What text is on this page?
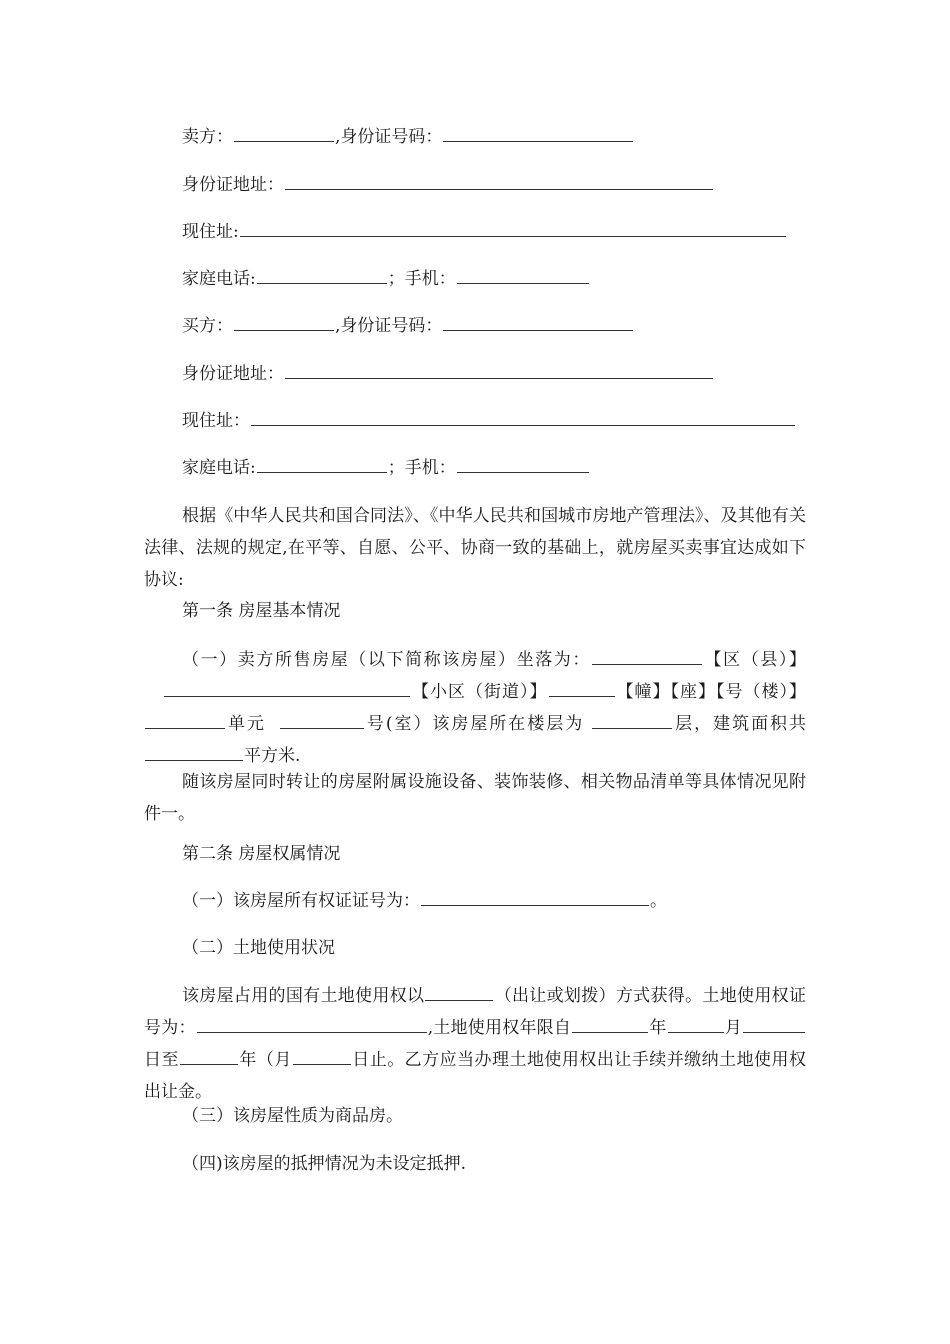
卖方：	,身份证号码：
身份证地址：
现住址:
家庭电话:	；手机：
买方：	,身份证号码：
身份证地址：
现住址：
家庭电话:	；手机：
根据《中华人民共和国合同法》、《中华人民共和国城市房地产管理法》、及其他有关法律、法规的规定,在平等、自愿、公平、协商一致的基础上，就房屋买卖事宜达成如下协议:
第一条 房屋基本情况
（一）卖方所售房屋（以下简称该房屋）坐落为：	【区（县）】【小区（街道）】	【幢】【座】【号（楼）】单元	号(室）该房屋所在楼层为	层，建筑面积共平方米.
随该房屋同时转让的房屋附属设施设备、装饰装修、相关物品清单等具体情况见附件一。
第二条 房屋权属情况
（一）该房屋所有权证证号为：	。
（二）土地使用状况
该房屋占用的国有土地使用权以	（出让或划拨）方式获得。土地使用权证号为：	,土地使用权年限自	年	月日至	年（月	日止。乙方应当办理土地使用权出让手续并缴纳土地使用权出让金。
（三）该房屋性质为商品房。
（四)该房屋的抵押情况为未设定抵押.
